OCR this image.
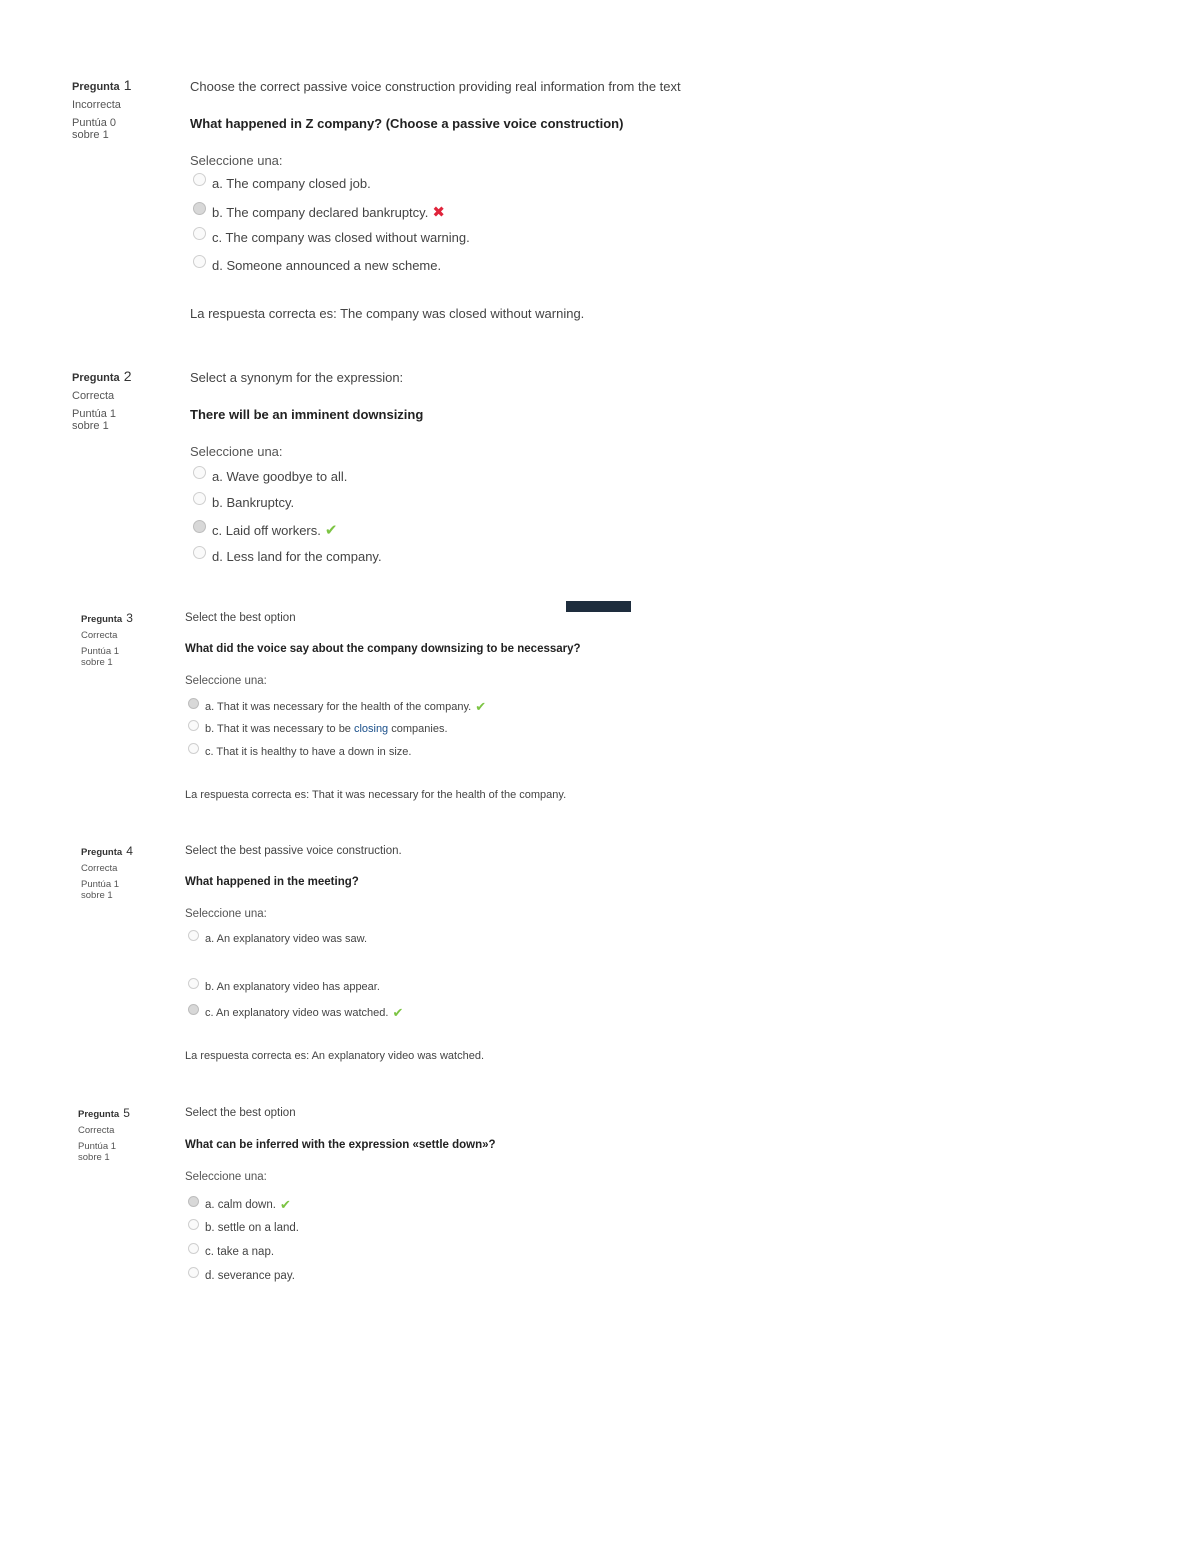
Pregunta 1
Incorrecta
Puntúa 0 sobre 1
Choose the correct passive voice construction providing real information from the text
What happened in Z company? (Choose a passive voice construction)
Seleccione una:
a. The company closed job.
b. The company declared bankruptcy. ✖
c. The company was closed without warning.
d. Someone announced a new scheme.
La respuesta correcta es: The company was closed without warning.
Pregunta 2
Correcta
Puntúa 1 sobre 1
Select a synonym for the expression:
There will be an imminent downsizing
Seleccione una:
a. Wave goodbye to all.
b. Bankruptcy.
c. Laid off workers. ✔
d. Less land for the company.
Pregunta 3
Correcta
Puntúa 1 sobre 1
Select the best option
What did the voice say about the company downsizing to be necessary?
Seleccione una:
a. That it was necessary for the health of the company. ✔
b. That it was necessary to be closing companies.
c. That it is healthy to have a down in size.
La respuesta correcta es: That it was necessary for the health of the company.
Pregunta 4
Correcta
Puntúa 1 sobre 1
Select the best passive voice construction.
What happened in the meeting?
Seleccione una:
a. An explanatory video was saw.
b. An explanatory video has appear.
c. An explanatory video was watched. ✔
La respuesta correcta es: An explanatory video was watched.
Pregunta 5
Correcta
Puntúa 1 sobre 1
Select the best option
What can be inferred with the expression «settle down»?
Seleccione una:
a. calm down. ✔
b. settle on a land.
c. take a nap.
d. severance pay.
